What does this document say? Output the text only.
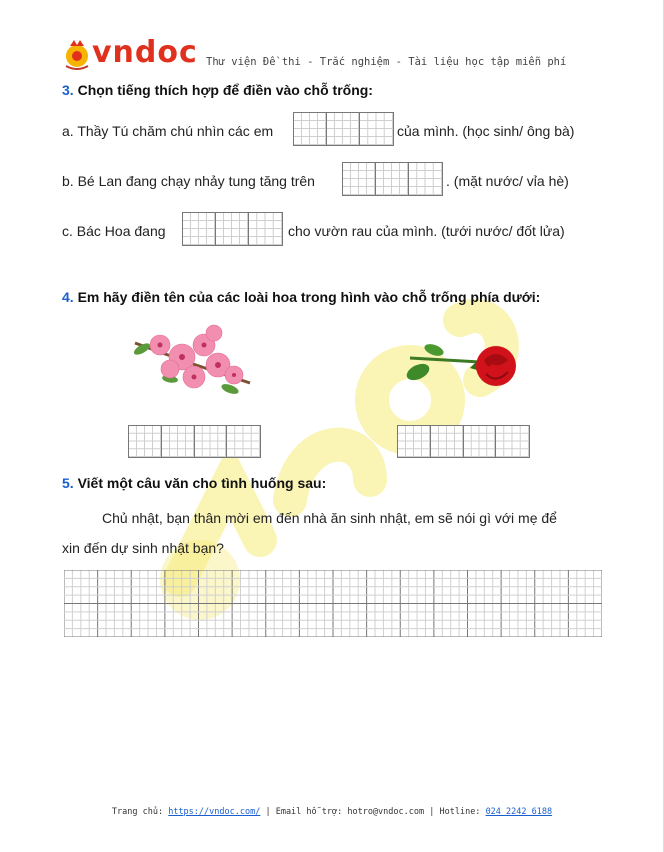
vndoc Thư viện Đề thi - Trắc nghiệm - Tài liệu học tập miễn phí
3. Chọn tiếng thích hợp để điền vào chỗ trống:
a. Thầy Tú chăm chú nhìn các em	của mình. (học sinh/ ông bà)
b. Bé Lan đang chạy nhảy tung tăng trên	. (mặt nước/ vỉa hè)
c. Bác Hoa đang	cho vườn rau của mình. (tưới nước/ đốt lửa)
4. Em hãy điền tên của các loài hoa trong hình vào chỗ trống phía dưới:
5. Viết một câu văn cho tình huống sau:
Chủ nhật, bạn thân mời em đến nhà ăn sinh nhật, em sẽ nói gì với mẹ để
xin đến dự sinh nhật bạn?
Trang chủ: https://vndoc.com/ | Email hỗ trợ: hotro@vndoc.com | Hotline: 024 2242 6188
